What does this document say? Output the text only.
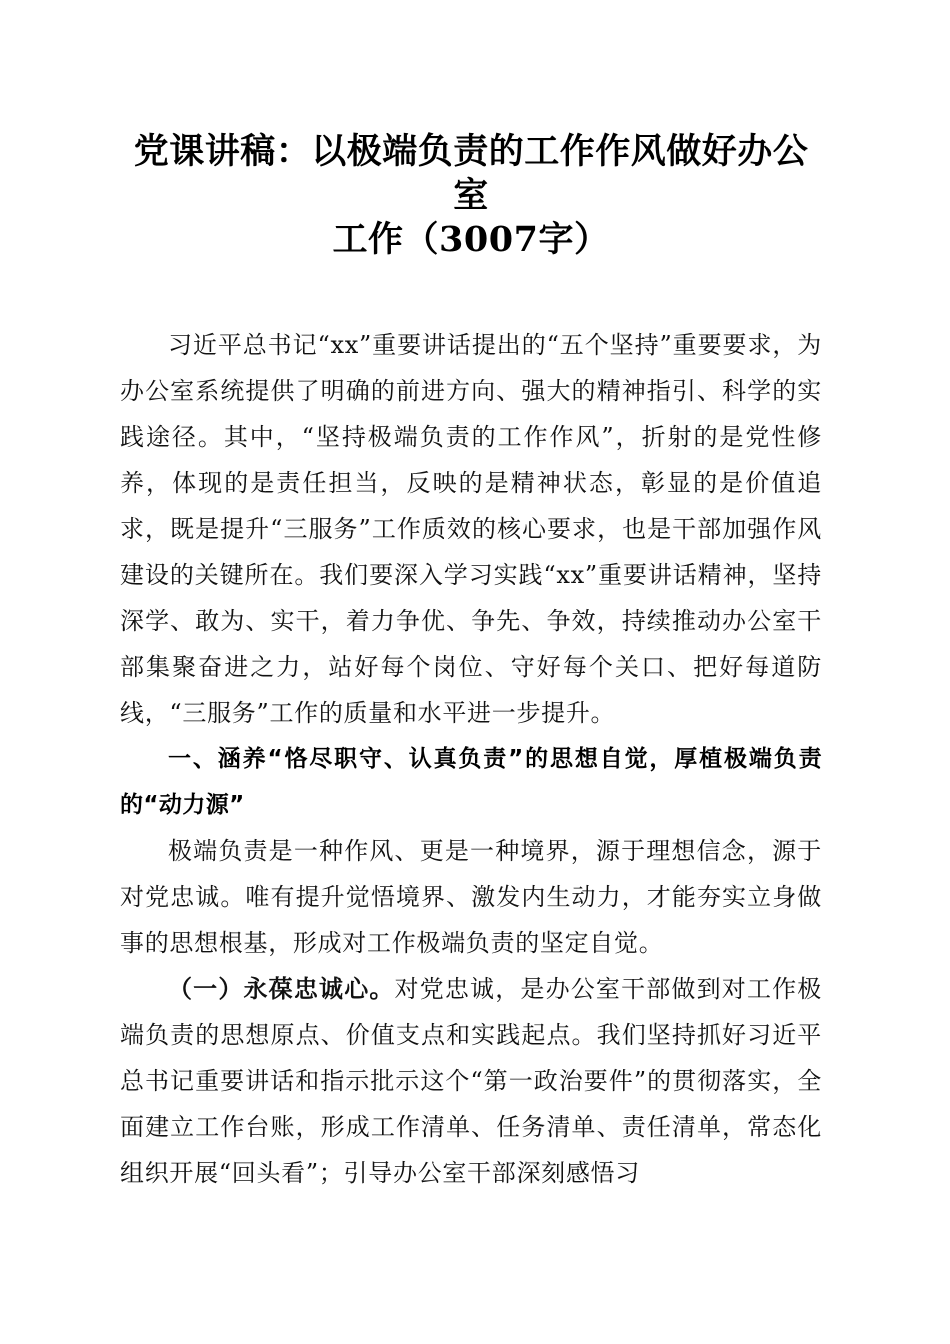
党课讲稿：以极端负责的工作作风做好办公室
工作（3007字）

习近平总书记“xx”重要讲话提出的“五个坚持”重要要求，为办公室系统提供了明确的前进方向、强大的精神指引、科学的实践途径。其中，“坚持极端负责的工作作风”，折射的是党性修养，体现的是责任担当，反映的是精神状态，彰显的是价值追求，既是提升“三服务”工作质效的核心要求，也是干部加强作风建设的关键所在。我们要深入学习实践“xx”重要讲话精神，坚持深学、敢为、实干，着力争优、争先、争效，持续推动办公室干部集聚奋进之力，站好每个岗位、守好每个关口、把好每道防线，“三服务”工作的质量和水平进一步提升。

一、涵养“恪尽职守、认真负责”的思想自觉，厚植极端负责的“动力源”

极端负责是一种作风、更是一种境界，源于理想信念，源于对党忠诚。唯有提升觉悟境界、激发内生动力，才能夯实立身做事的思想根基，形成对工作极端负责的坚定自觉。

（一）永葆忠诚心。对党忠诚，是办公室干部做到对工作极端负责的思想原点、价值支点和实践起点。我们坚持抓好习近平总书记重要讲话和指示批示这个“第一政治要件”的贯彻落实，全面建立工作台账，形成工作清单、任务清单、责任清单，常态化组织开展“回头看”；引导办公室干部深刻感悟习
